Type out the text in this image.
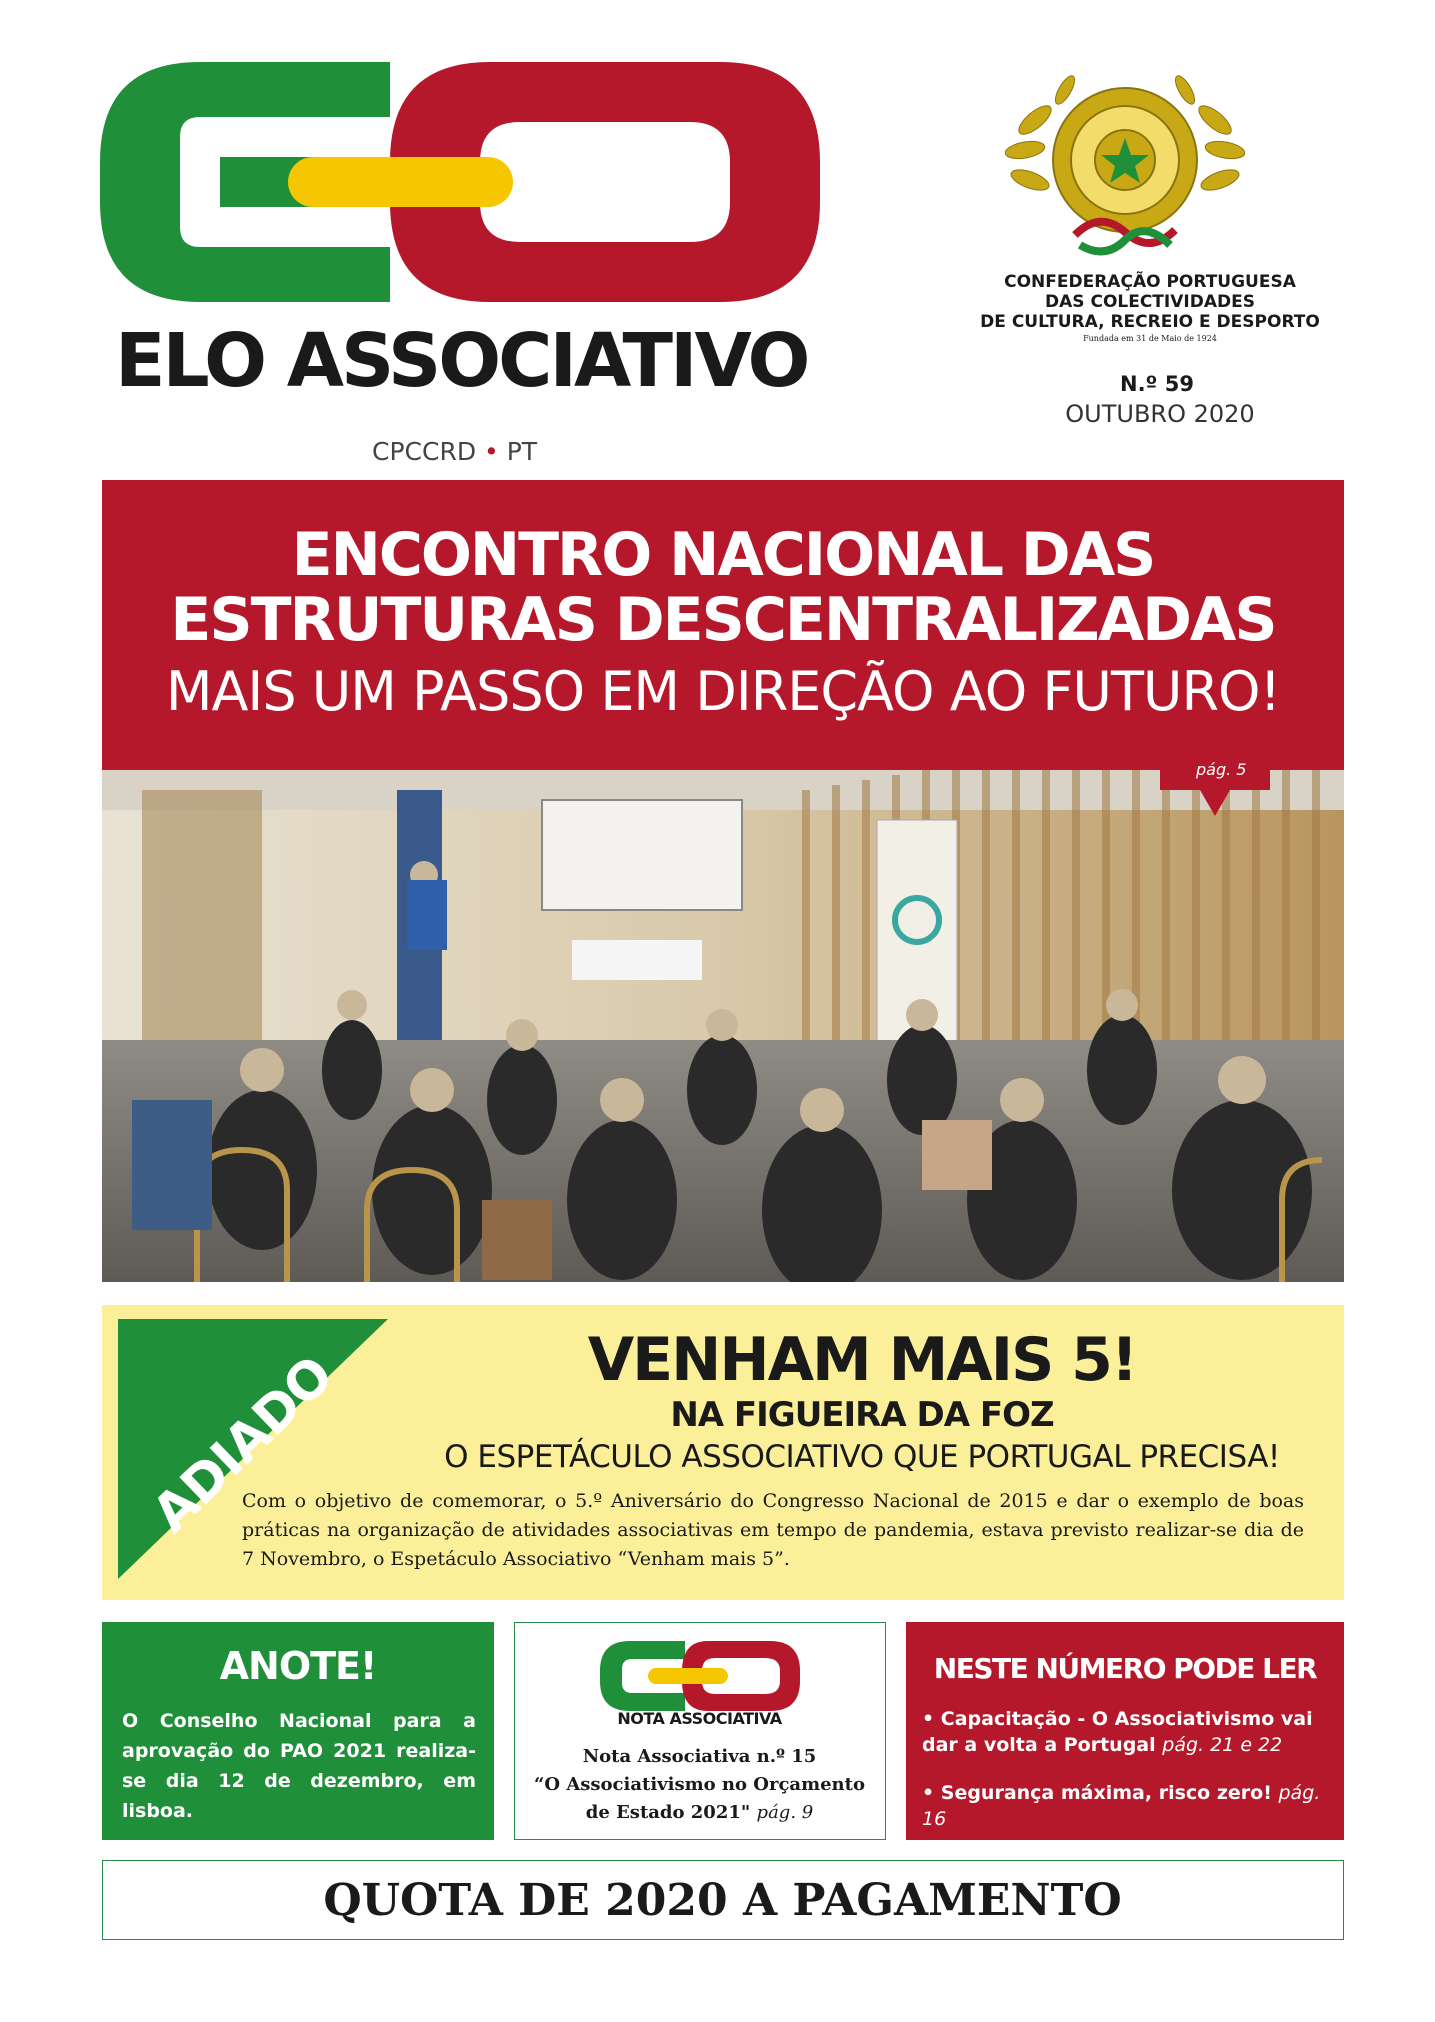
ELO ASSOCIATIVO
CPCCRD • PT
CONFEDERAÇÃO PORTUGUESA
DAS COLECTIVIDADES
DE CULTURA, RECREIO E DESPORTO
Fundada em 31 de Maio de 1924
N.º 59
OUTUBRO 2020
ENCONTRO NACIONAL DAS
ESTRUTURAS DESCENTRALIZADAS
MAIS UM PASSO EM DIREÇÃO AO FUTURO!
pág. 5
ADIADO	VENHAM MAIS 5!
NA FIGUEIRA DA FOZ
O ESPETÁCULO ASSOCIATIVO QUE PORTUGAL PRECISA!
Com o objetivo de comemorar, o 5.º Aniversário do Congresso Nacional de 2015 e dar o exemplo de boas práticas na organização de atividades associativas em tempo de pandemia, estava previsto realizar-se dia de 7 Novembro, o Espetáculo Associativo “Venham mais 5”.
ANOTE!
O Conselho Nacional para a aprovação do PAO 2021 realiza-se dia 12 de dezembro, em lisboa.
NOTA ASSOCIATIVA
Nota Associativa n.º 15
“O Associativismo no Orçamento
de Estado 2021" pág. 9
NESTE NÚMERO PODE LER
• Capacitação - O Associativismo vai dar a volta a Portugal pág. 21 e 22
• Segurança máxima, risco zero! pág. 16
QUOTA DE 2020 A PAGAMENTO
